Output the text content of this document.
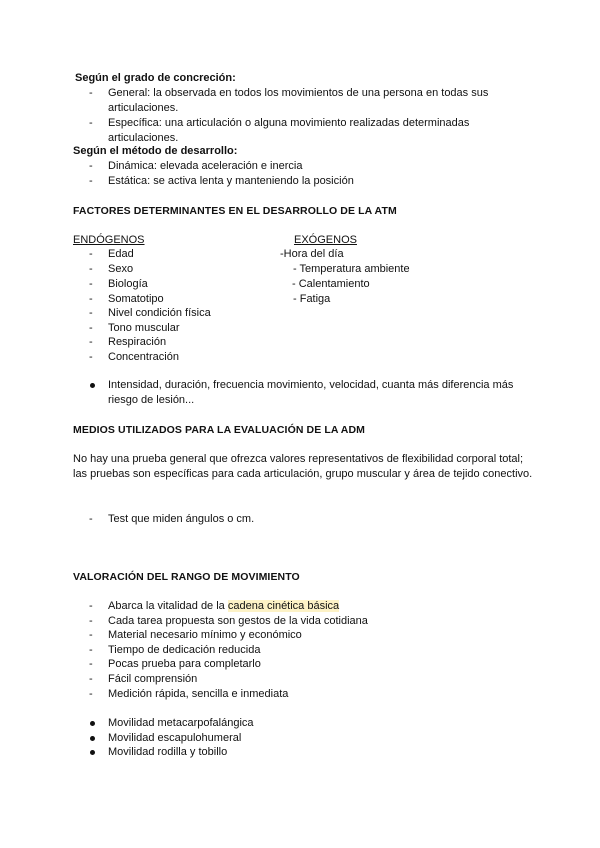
Según el grado de concreción:
- General: la observada en todos los movimientos de una persona en todas sus articulaciones.
- Específica: una articulación o alguna movimiento realizadas determinadas articulaciones.
Según el método de desarrollo:
- Dinámica: elevada aceleración e inercia
- Estática: se activa lenta y manteniendo la posición
FACTORES DETERMINANTES EN EL DESARROLLO DE LA ATM
ENDÓGENOS	EXÓGENOS
- Edad
- Sexo
- Biología
- Somatotipo
- Nivel condición física
- Tono muscular
- Respiración
- Concentración
-Hora del día
- Temperatura ambiente
- Calentamiento
- Fatiga
Intensidad, duración, frecuencia movimiento, velocidad, cuanta más diferencia más riesgo de lesión...
MEDIOS UTILIZADOS PARA LA EVALUACIÓN DE LA ADM
No hay una prueba general que ofrezca valores representativos de flexibilidad corporal total; las pruebas son específicas para cada articulación, grupo muscular y área de tejido conectivo.
- Test que miden ángulos o cm.
VALORACIÓN DEL RANGO DE MOVIMIENTO
- Abarca la vitalidad de la cadena cinética básica
- Cada tarea propuesta son gestos de la vida cotidiana
- Material necesario mínimo y económico
- Tiempo de dedicación reducida
- Pocas prueba para completarlo
- Fácil comprensión
- Medición rápida, sencilla e inmediata
Movilidad metacarpofalángica
Movilidad escapulohumeral
Movilidad rodilla y tobillo
